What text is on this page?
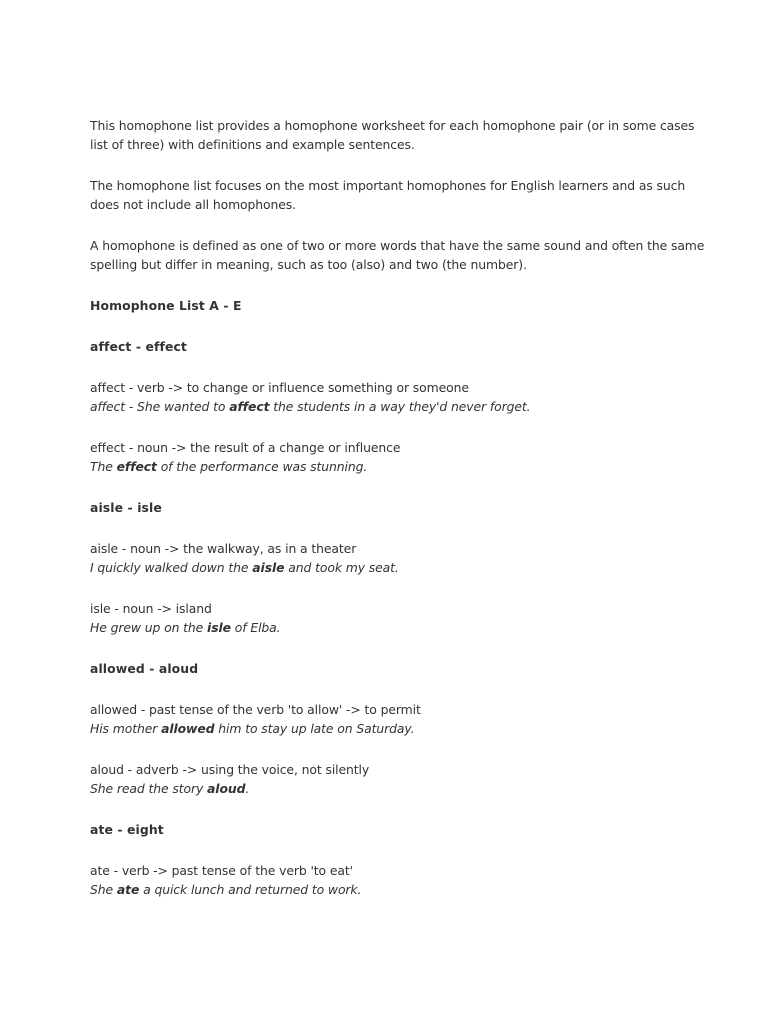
This homophone list provides a homophone worksheet for each homophone pair (or in some cases list of three) with definitions and example sentences.

The homophone list focuses on the most important homophones for English learners and as such does not include all homophones.

A homophone is defined as one of two or more words that have the same sound and often the same spelling but differ in meaning, such as too (also) and two (the number).

Homophone List A - E
affect - effect

affect - verb -> to change or influence something or someone
affect - She wanted to affect the students in a way they'd never forget.

effect - noun -> the result of a change or influence
The effect of the performance was stunning.

aisle - isle

aisle - noun -> the walkway, as in a theater
I quickly walked down the aisle and took my seat.

isle - noun -> island
He grew up on the isle of Elba.

allowed - aloud

allowed - past tense of the verb 'to allow' -> to permit
His mother allowed him to stay up late on Saturday.

aloud - adverb -> using the voice, not silently
She read the story aloud.

ate - eight

ate - verb -> past tense of the verb 'to eat'
She ate a quick lunch and returned to work.
